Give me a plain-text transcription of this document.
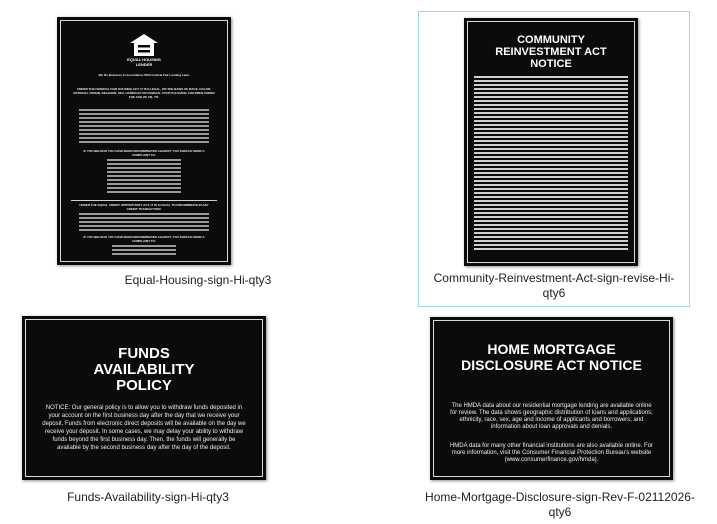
EQUAL HOUSING
LENDER
We Do Business In Accordance With Federal Fair Lending Laws
UNDER THE FEDERAL FAIR HOUSING ACT, IT IS ILLEGAL, ON THE BASIS OF RACE, COLOR, NATIONAL ORIGIN, RELIGION, SEX, HANDICAP OR FAMILIAL STATUS (HAVING CHILDREN UNDER THE AGE OF 18), TO:
IF YOU BELIEVE YOU HAVE BEEN DISCRIMINATED AGAINST, YOU SHOULD SEND A COMPLAINT TO:
UNDER THE EQUAL CREDIT OPPORTUNITY ACT, IT IS ILLEGAL TO DISCRIMINATE IN ANY CREDIT TRANSACTION:
IF YOU BELIEVE YOU HAVE BEEN DISCRIMINATED AGAINST, YOU SHOULD SEND A COMPLAINT TO:
Equal-Housing-sign-Hi-qty3
COMMUNITY REINVESTMENT ACT NOTICE
Community-Reinvestment-Act-sign-revise-Hi-qty6
FUNDS AVAILABILITY POLICY
NOTICE: Our general policy is to allow you to withdraw funds deposited in your account on the first business day after the day that we receive your deposit. Funds from electronic direct deposits will be available on the day we receive your deposit. In some cases, we may delay your ability to withdraw funds beyond the first business day. Then, the funds will generally be available by the second business day after the day of the deposit.
Funds-Availability-sign-Hi-qty3
HOME MORTGAGE DISCLOSURE ACT NOTICE
The HMDA data about our residential mortgage lending are available online for review. The data shows geographic distribution of loans and applications; ethnicity, race, sex, age and income of applicants and borrowers; and information about loan approvals and denials.
HMDA data for many other financial institutions are also available online. For more information, visit the Consumer Financial Protection Bureau's website (www.consumerfinance.gov/hmda).
Home-Mortgage-Disclosure-sign-Rev-F-02112026-qty6
